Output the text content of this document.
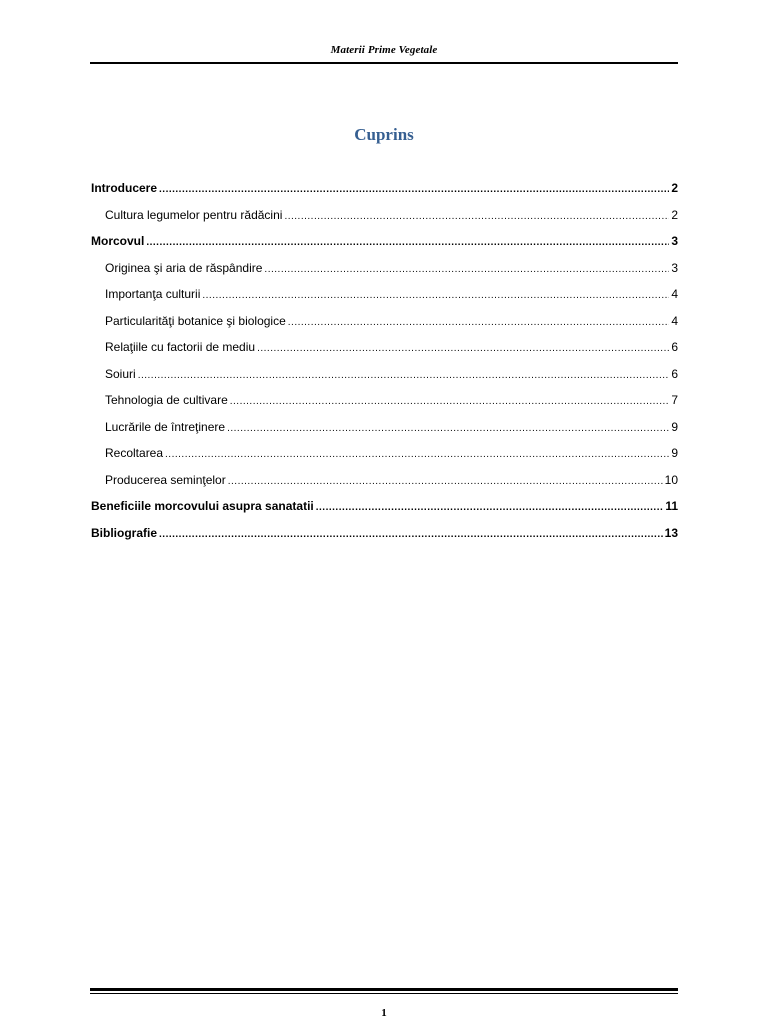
Materii Prime Vegetale
Cuprins
Introducere .....	2
Cultura legumelor pentru rădăcini .....	2
Morcovul .....	3
Originea şi aria de răspândire .....	3
Importanţa culturii .....	4
Particularităţi botanice şi biologice .....	4
Relaţiile cu factorii de mediu .....	6
Soiuri .....	6
Tehnologia de cultivare .....	7
Lucrările de întreţinere .....	9
Recoltarea .....	9
Producerea seminţelor .....	10
Beneficiile morcovului asupra sanatatii .....	11
Bibliografie .....	13
1
